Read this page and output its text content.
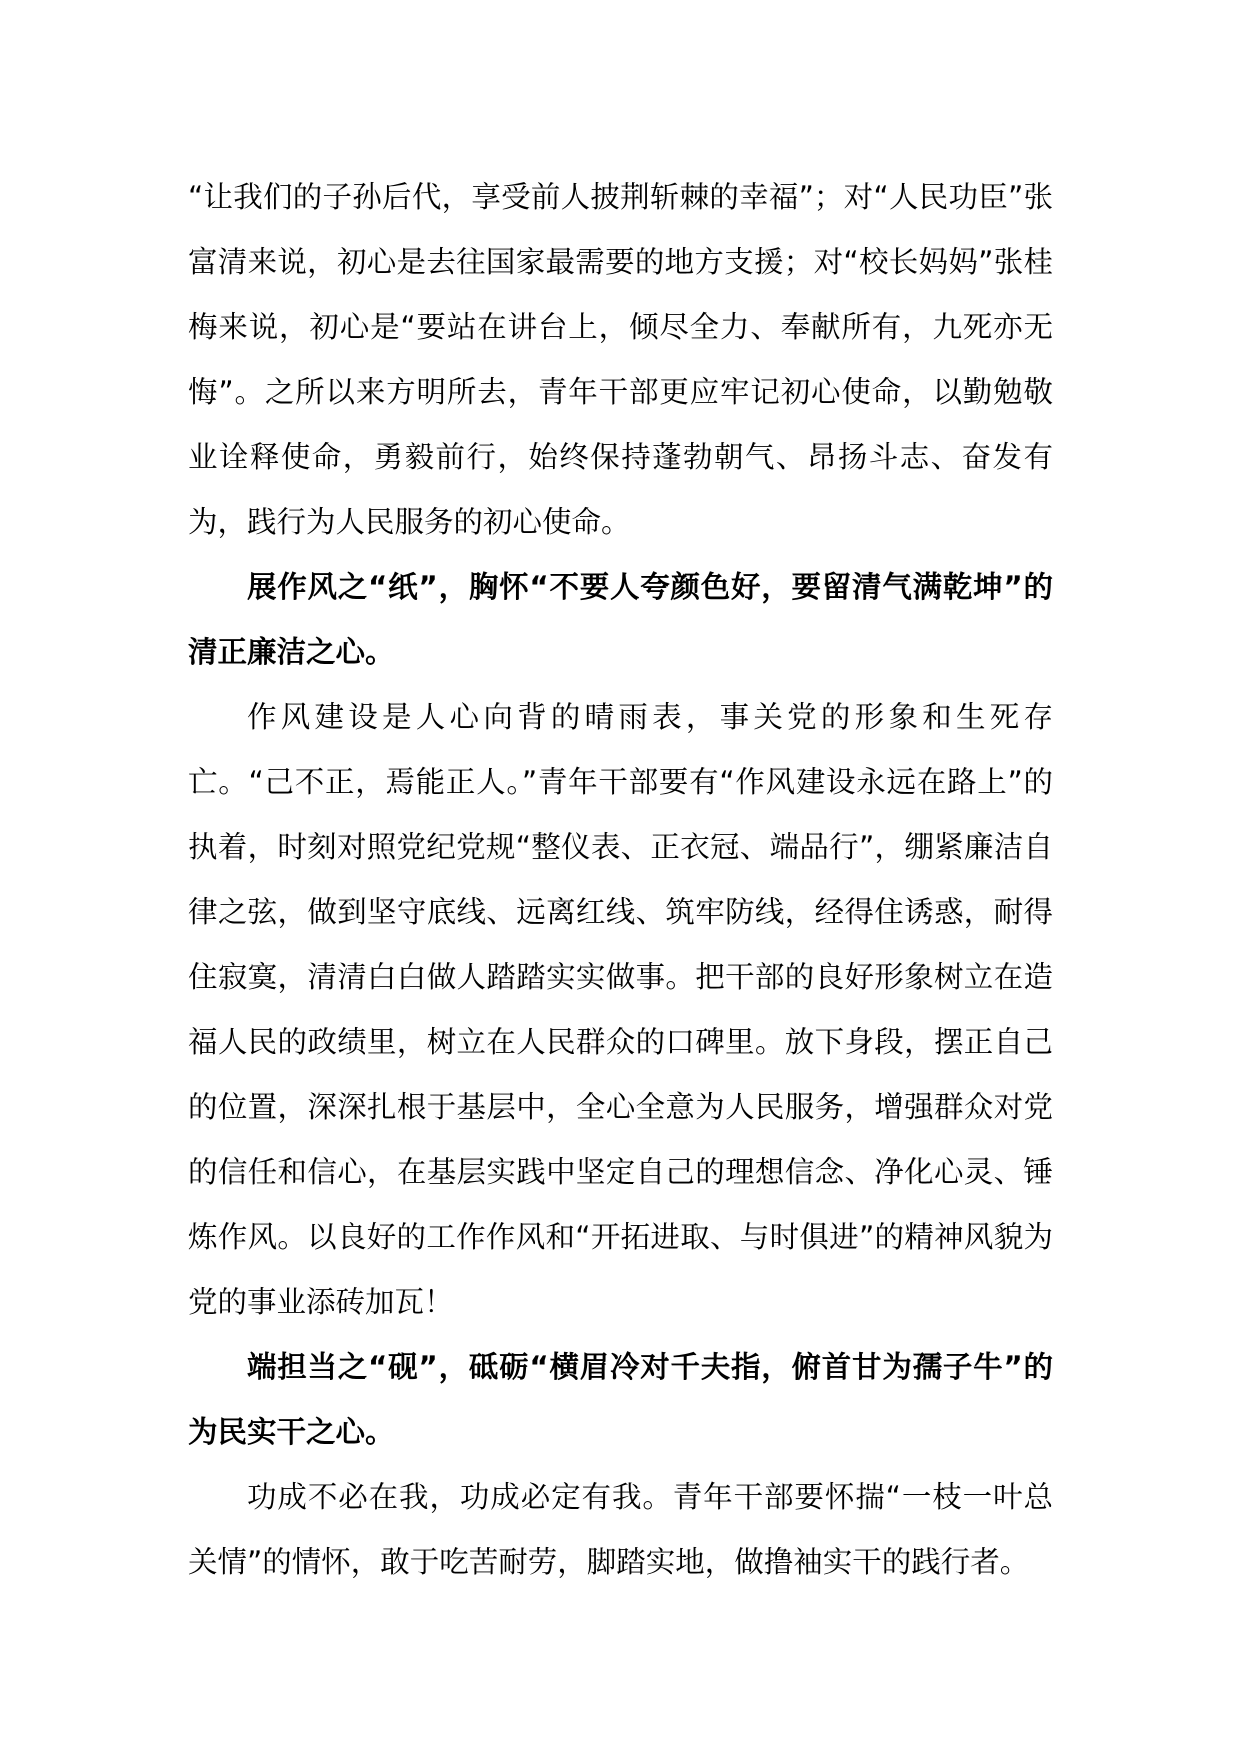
“让我们的子孙后代，享受前人披荆斩棘的幸福”；对“人民功臣”张富清来说，初心是去往国家最需要的地方支援；对“校长妈妈”张桂梅来说，初心是“要站在讲台上，倾尽全力、奉献所有，九死亦无悔”。之所以来方明所去，青年干部更应牢记初心使命，以勤勉敬业诠释使命，勇毅前行，始终保持蓬勃朝气、昂扬斗志、奋发有为，践行为人民服务的初心使命。

展作风之“纸”，胸怀“不要人夸颜色好，要留清气满乾坤”的清正廉洁之心。

作风建设是人心向背的晴雨表，事关党的形象和生死存亡。“己不正，焉能正人。”青年干部要有“作风建设永远在路上”的执着，时刻对照党纪党规“整仪表、正衣冠、端品行”，绷紧廉洁自律之弦，做到坚守底线、远离红线、筑牢防线，经得住诱惑，耐得住寂寞，清清白白做人踏踏实实做事。把干部的良好形象树立在造福人民的政绩里，树立在人民群众的口碑里。放下身段，摆正自己的位置，深深扎根于基层中，全心全意为人民服务，增强群众对党的信任和信心，在基层实践中坚定自己的理想信念、净化心灵、锤炼作风。以良好的工作作风和“开拓进取、与时俱进”的精神风貌为党的事业添砖加瓦！

端担当之“砚”，砥砺“横眉冷对千夫指，俯首甘为孺子牛”的为民实干之心。

功成不必在我，功成必定有我。青年干部要怀揣“一枝一叶总关情”的情怀，敢于吃苦耐劳，脚踏实地，做撸袖实干的践行者。
